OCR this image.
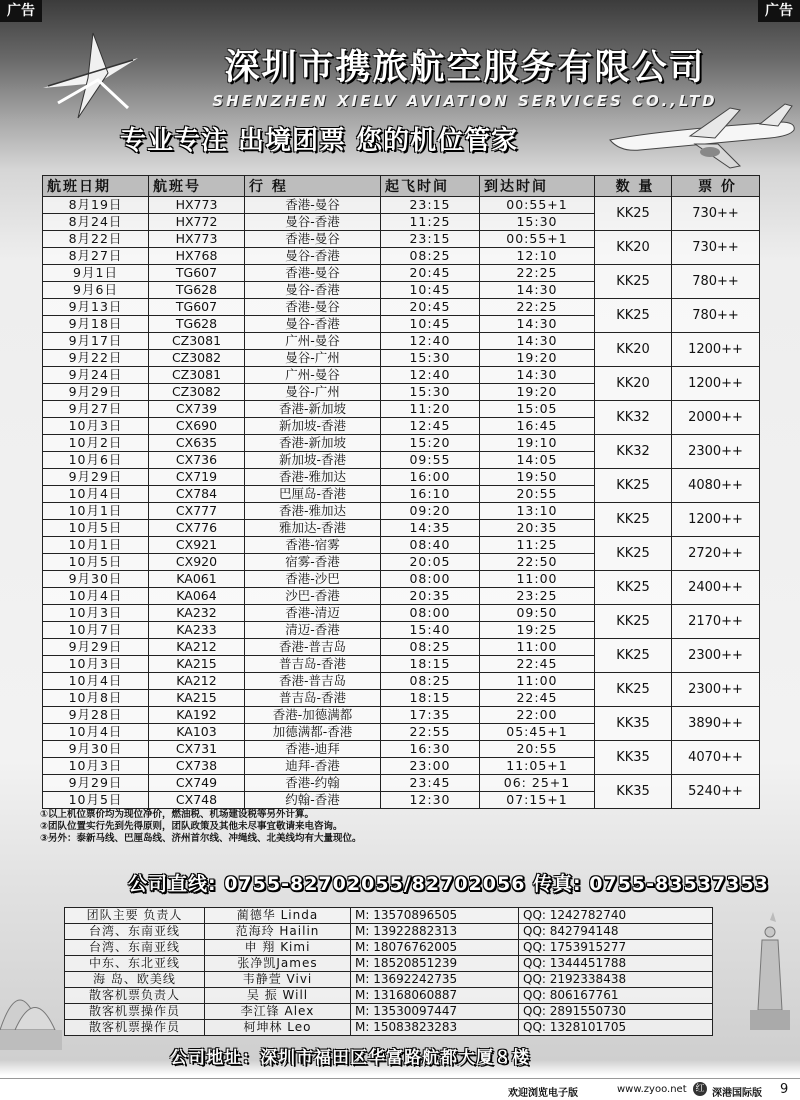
广告	广告
深圳市携旅航空服务有限公司
SHENZHEN XIELV AVIATION SERVICES CO.,LTD
专业专注 出境团票 您的机位管家
航班日期	航班号	行 程	起飞时间	到达时间	数 量	票 价
8月19日	HX773	香港-曼谷	23:15	00:55+1	KK25	730++
8月24日	HX772	曼谷-香港	11:25	15:30		
8月22日	HX773	香港-曼谷	23:15	00:55+1	KK20	730++
8月27日	HX768	曼谷-香港	08:25	12:10		
9月1日	TG607	香港-曼谷	20:45	22:25	KK25	780++
9月6日	TG628	曼谷-香港	10:45	14:30		
9月13日	TG607	香港-曼谷	20:45	22:25	KK25	780++
9月18日	TG628	曼谷-香港	10:45	14:30		
9月17日	CZ3081	广州-曼谷	12:40	14:30	KK20	1200++
9月22日	CZ3082	曼谷-广州	15:30	19:20		
9月24日	CZ3081	广州-曼谷	12:40	14:30	KK20	1200++
9月29日	CZ3082	曼谷-广州	15:30	19:20		
9月27日	CX739	香港-新加坡	11:20	15:05	KK32	2000++
10月3日	CX690	新加坡-香港	12:45	16:45		
10月2日	CX635	香港-新加坡	15:20	19:10	KK32	2300++
10月6日	CX736	新加坡-香港	09:55	14:05		
9月29日	CX719	香港-雅加达	16:00	19:50	KK25	4080++
10月4日	CX784	巴厘岛-香港	16:10	20:55		
10月1日	CX777	香港-雅加达	09:20	13:10	KK25	1200++
10月5日	CX776	雅加达-香港	14:35	20:35		
10月1日	CX921	香港-宿雾	08:40	11:25	KK25	2720++
10月5日	CX920	宿雾-香港	20:05	22:50		
9月30日	KA061	香港-沙巴	08:00	11:00	KK25	2400++
10月4日	KA064	沙巴-香港	20:35	23:25		
10月3日	KA232	香港-清迈	08:00	09:50	KK25	2170++
10月7日	KA233	清迈-香港	15:40	19:25		
9月29日	KA212	香港-普吉岛	08:25	11:00	KK25	2300++
10月3日	KA215	普吉岛-香港	18:15	22:45		
10月4日	KA212	香港-普吉岛	08:25	11:00	KK25	2300++
10月8日	KA215	普吉岛-香港	18:15	22:45		
9月28日	KA192	香港-加德满都	17:35	22:00	KK35	3890++
10月4日	KA103	加德满都-香港	22:55	05:45+1		
9月30日	CX731	香港-迪拜	16:30	20:55	KK35	4070++
10月3日	CX738	迪拜-香港	23:00	11:05+1		
9月29日	CX749	香港-约翰	23:45	06: 25+1	KK35	5240++
10月5日	CX748	约翰-香港	12:30	07:15+1		
①以上机位票价均为现位净价，燃油税、机场建设税等另外计算。
②团队位置实行先到先得原则，团队政策及其他未尽事宜敬请来电咨询。
③另外：泰新马线、巴厘岛线、济州首尔线、冲绳线、北美线均有大量现位。
公司直线: 0755-82702055/82702056 传真: 0755-83537353
团队主要 负责人	蔺德华 Linda	M: 13570896505	QQ: 1242782740
台湾、东南亚线	范海玲 Hailin	M: 13922882313	QQ: 842794148
台湾、东南亚线	申 翔 Kimi	M: 18076762005	QQ: 1753915277
中东、东北亚线	张净凯James	M: 18520851239	QQ: 1344451788
海 岛、欧美线	韦静萱 Vivi	M: 13692242735	QQ: 2192338438
散客机票负责人	吴 振 Will	M: 13168060887	QQ: 806167761
散客机票操作员	李江锋 Alex	M: 13530097447	QQ: 2891550730
散客机票操作员	柯坤林 Leo	M: 15083823283	QQ: 1328101705
公司地址：深圳市福田区华富路航都大厦８楼
欢迎浏览电子版	www.zyoo.net 红 深港国际版 9
